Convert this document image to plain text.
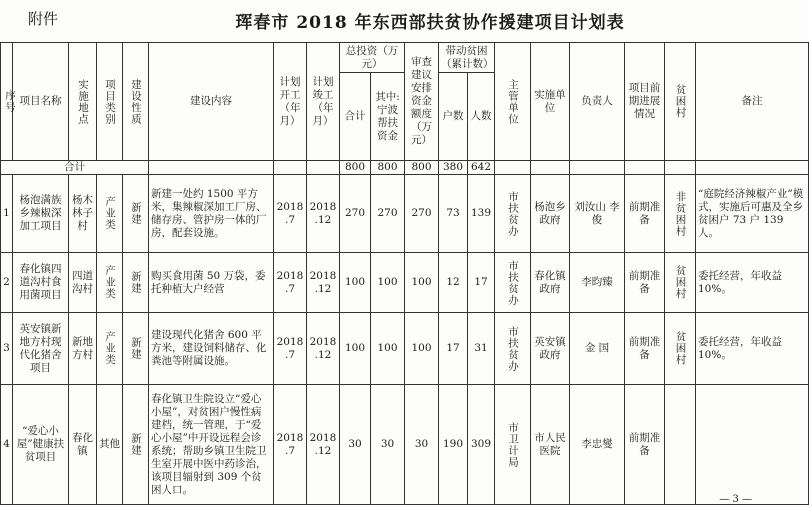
附件	珲春市 2018 年东西部扶贫协作援建项目计划表
序号	项目名称	实施地点	项目类别	建设性质	建设内容	计划开工（年月）	计划竣工（年月）	总投资（万元）		审查建议安排资金额度（万元）	带动贫困（累计数）		主管单位	实施单位	负责人	项目前期进展情况	贫困村	备注
								合计	其中:宁波帮扶资金		户数	人数						

合计								800	800	800	380	642						
1	杨泡满族乡辣椒深加工项目	杨木林子村	产业类	新建	新建一处约 1500 平方米，集辣椒深加工厂房、储存房、管护房一体的厂房，配套设施。	2018 .7	2018 .12	270	270	270	73	139	市扶贫办	杨泡乡政府	刘汝山 李俊	前期准备	非贫困村	“庭院经济辣椒产业”模式，实施后可惠及全乡贫困户 73 户 139 人。
2	春化镇四道沟村食用菌项目	四道沟村	产业类	新建	购买食用菌 50 万袋，委托种植大户经营	2018 .7	2018 .12	100	100	100	12	17	市扶贫办	春化镇政府	李昀臻	前期准备	贫困村	委托经营，年收益 10%。
3	英安镇新地方村现代化猪舍项目	新地方村	产业类	新建	建设现代化猪舍 600 平方米，建设饲料储存、化粪池等附属设施。	2018 .7	2018 .12	100	100	100	17	31	市扶贫办	英安镇政府	金 国	前期准备	贫困村	委托经营，年收益 10%。
4	“爱心小屋”健康扶贫项目	春化镇	其他	新建	春化镇卫生院设立“爱心小屋”，对贫困户慢性病建档，统一管理，于“爱心小屋”中开设远程会诊系统；帮助乡镇卫生院卫生室开展中医中药诊治，该项目辐射到 309 个贫困人口。	2018 .7	2018 .12	30	30	30	190	309	市卫计局	市人民医院	李忠燮	前期准备		
— 3 —
